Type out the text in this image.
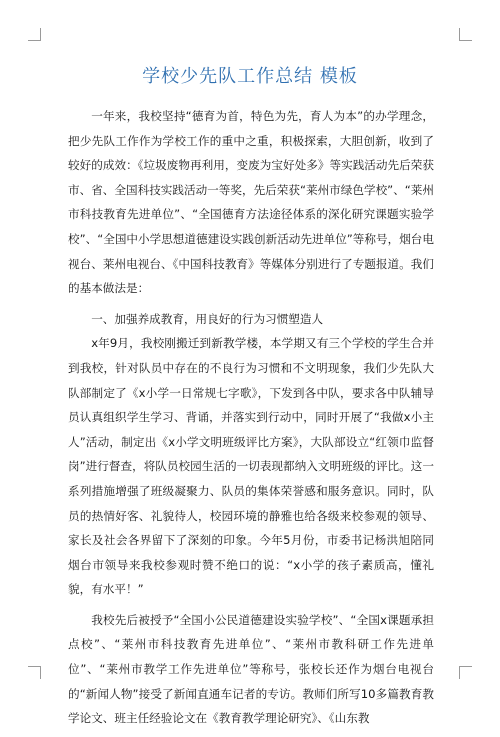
学校少先队工作总结 模板

一年来，我校坚持“德育为首，特色为先，育人为本”的办学理念，把少先队工作作为学校工作的重中之重，积极探索，大胆创新，收到了较好的成效：《垃圾废物再利用，变废为宝好处多》等实践活动先后荣获市、省、全国科技实践活动一等奖，先后荣获“莱州市绿色学校”、“莱州市科技教育先进单位”、“全国德育方法途径体系的深化研究课题实验学校”、“全国中小学思想道德建设实践创新活动先进单位”等称号，烟台电视台、莱州电视台、《中国科技教育》等媒体分别进行了专题报道。我们的基本做法是：

一、加强养成教育，用良好的行为习惯塑造人

x年9月，我校刚搬迁到新教学楼，本学期又有三个学校的学生合并到我校，针对队员中存在的不良行为习惯和不文明现象，我们少先队大队部制定了《x小学一日常规七字歌》，下发到各中队，要求各中队辅导员认真组织学生学习、背诵，并落实到行动中，同时开展了“我做x小主人”活动，制定出《x小学文明班级评比方案》，大队部设立“红领巾监督岗”进行督查，将队员校园生活的一切表现都纳入文明班级的评比。这一系列措施增强了班级凝聚力、队员的集体荣誉感和服务意识。同时，队员的热情好客、礼貌待人，校园环境的静雅也给各级来校参观的领导、家长及社会各界留下了深刻的印象。今年5月份，市委书记杨洪旭陪同烟台市领导来我校参观时赞不绝口的说：“x小学的孩子素质高，懂礼貌，有水平！”

我校先后被授予“全国小公民道德建设实验学校”、“全国x课题承担点校”、“莱州市科技教育先进单位”、“莱州市教科研工作先进单位”、“莱州市教学工作先进单位”等称号，张校长还作为烟台电视台的“新闻人物”接受了新闻直通车记者的专访。教师们所写10多篇教育教学论文、班主任经验论文在《教育教学理论研究》、《山东教
